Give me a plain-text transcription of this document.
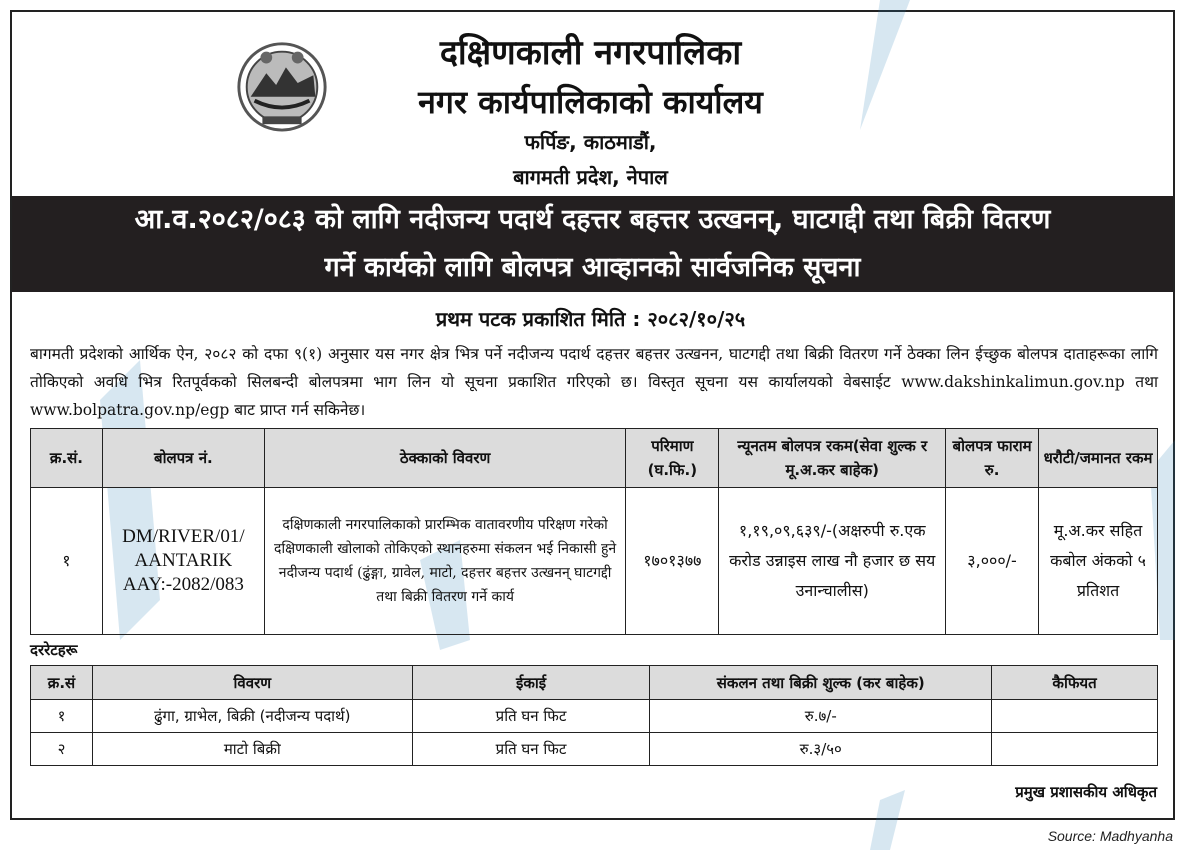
दक्षिणकाली नगरपालिका
नगर कार्यपालिकाको कार्यालय
फर्पिङ, काठमाडौं,
बागमती प्रदेश, नेपाल
आ.व.२०८२/०८३ को लागि नदीजन्य पदार्थ दहत्तर बहत्तर उत्खनन्, घाटगद्दी तथा बिक्री वितरण
गर्ने कार्यको लागि बोलपत्र आव्हानको सार्वजनिक सूचना
प्रथम पटक प्रकाशित मिति : २०८२/१०/२५
बागमती प्रदेशको आर्थिक ऐन, २०८२ को दफा ९(१) अनुसार यस नगर क्षेत्र भित्र पर्ने नदीजन्य पदार्थ दहत्तर बहत्तर उत्खनन, घाटगद्दी तथा बिक्री वितरण गर्ने ठेक्का लिन ईच्छुक बोलपत्र दाताहरूका लागि तोकिएको अवधि भित्र रितपूर्वकको सिलबन्दी बोलपत्रमा भाग लिन यो सूचना प्रकाशित गरिएको छ। विस्तृत सूचना यस कार्यालयको वेबसाईट www.dakshinkalimun.gov.np तथा www.bolpatra.gov.np/egp बाट प्राप्त गर्न सकिनेछ।
क्र.सं.	बोलपत्र नं.	ठेक्काको विवरण	परिमाण (घ.फि.)	न्यूनतम बोलपत्र रकम(सेवा शुल्क र मू.अ.कर बाहेक)	बोलपत्र फाराम रु.	धरौटी/जमानत रकम
१	DM/RIVER/01/ AANTARIK AAY:-2082/083	दक्षिणकाली नगरपालिकाको प्रारम्भिक वातावरणीय परिक्षण गरेको दक्षिणकाली खोलाको तोकिएको स्थानहरुमा संकलन भई निकासी हुने नदीजन्य पदार्थ (ढुंङ्गा, ग्रावेल, माटो, दहत्तर बहत्तर उत्खनन् घाटगद्दी तथा बिक्री वितरण गर्ने कार्य	१७०१३७७	१,१९,०९,६३९/-(अक्षरुपी रु.एक करोड उन्नाइस लाख नौ हजार छ सय उनान्चालीस)	३,०००/-	मू.अ.कर सहित कबोल अंकको ५ प्रतिशत
दररेटहरू
क्र.सं	विवरण	ईकाई	संकलन तथा बिक्री शुल्क (कर बाहेक)	कैफियत
१	ढुंगा, ग्राभेल, बिक्री (नदीजन्य पदार्थ)	प्रति घन फिट	रु.७/-	
२	माटो बिक्री	प्रति घन फिट	रु.३/५०	
प्रमुख प्रशासकीय अधिकृत
Source: Madhyanha
